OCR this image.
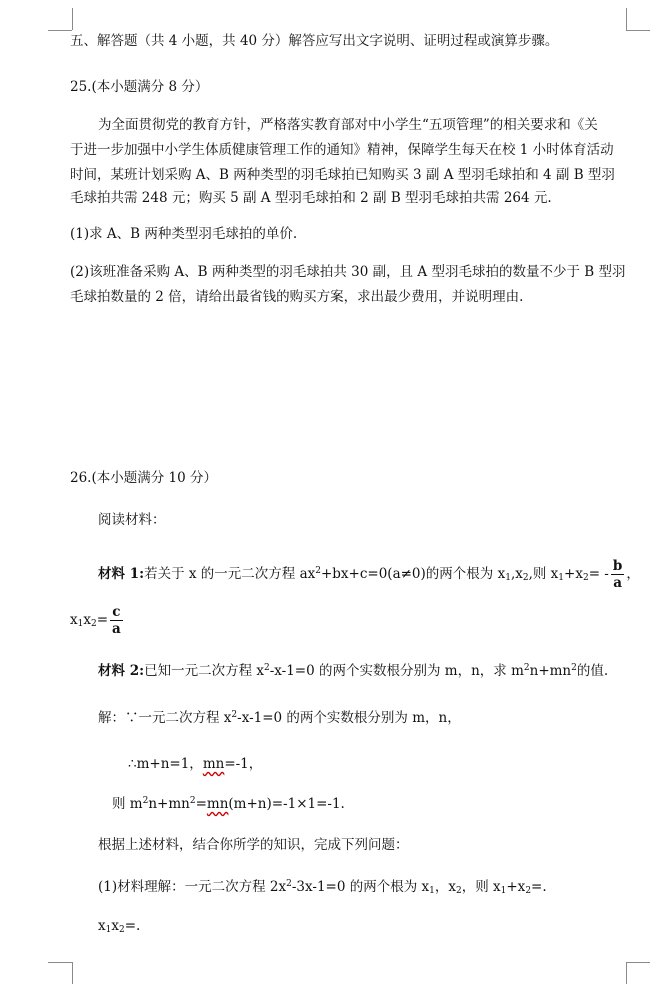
五、解答题（共 4 小题，共 40 分）解答应写出文字说明、证明过程或演算步骤。
25.(本小题满分 8 分）
为全面贯彻党的教育方针，严格落实教育部对中小学生“五项管理”的相关要求和《关
于进一步加强中小学生体质健康管理工作的通知》精神，保障学生每天在校 1 小时体育活动
时间，某班计划采购 A、B 两种类型的羽毛球拍已知购买 3 副 A 型羽毛球拍和 4 副 B 型羽
毛球拍共需 248 元；购买 5 副 A 型羽毛球拍和 2 副 B 型羽毛球拍共需 264 元.
(1)求 A、B 两种类型羽毛球拍的单价.
(2)该班准备采购 A、B 两种类型的羽毛球拍共 30 副，且 A 型羽毛球拍的数量不少于 B 型羽
毛球拍数量的 2 倍，请给出最省钱的购买方案，求出最少费用，并说明理由.
26.(本小题满分 10 分）
阅读材料：
材料 1:若关于 x 的一元二次方程 $ax^2+bx+c=0(a\ne 0)$的两个根为 $x_1,x_2$,则 $x_1+x_2= - \frac{b}{a}$ ，
$x_1x_2= \frac{c}{a}$
材料 2:已知一元二次方程 $x^2-x-1=0$ 的两个实数根分别为 m，n，求 $m^2n+mn^2$的值.
解：∵一元二次方程 $x^2-x-1=0$ 的两个实数根分别为 m，n，
∴m+n=1，mn=-1，
则 $m^2n+mn^2=mn(m+n)=-1\times 1=-1$.
根据上述材料，结合你所学的知识，完成下列问题：
(1)材料理解：一元二次方程 $2x^2-3x-1=0$ 的两个根为 $x_1$，$x_2$，则 $x_1+x_2=$.
$x_1x_2=$.
